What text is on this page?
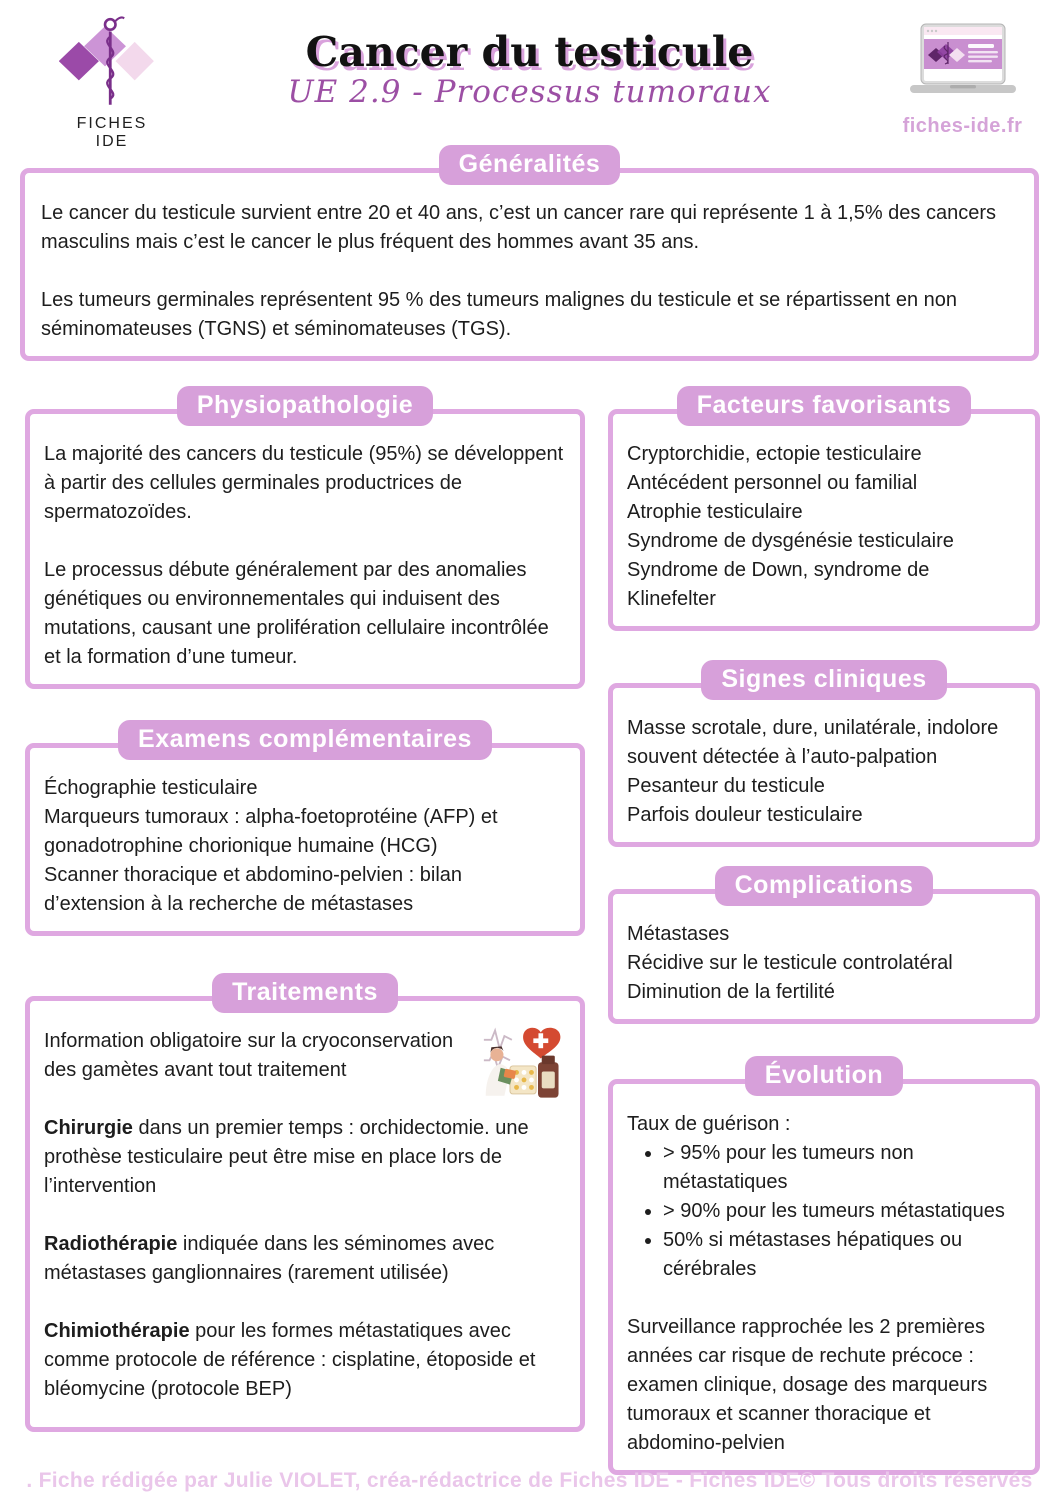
FICHES
IDE
Cancer du testicule
UE 2.9 - Processus tumoraux
fiches-ide.fr
Généralités

Le cancer du testicule survient entre 20 et 40 ans, c’est un cancer rare qui représente 1 à 1,5% des cancers masculins mais c’est le cancer le plus fréquent des hommes avant 35 ans.

Les tumeurs germinales représentent 95 % des tumeurs malignes du testicule et se répartissent en non séminomateuses (TGNS) et séminomateuses (TGS).

Physiopathologie

La majorité des cancers du testicule (95%) se développent à partir des cellules germinales productrices de spermatozoïdes.

Le processus débute généralement par des anomalies génétiques ou environnementales qui induisent des mutations, causant une prolifération cellulaire incontrôlée et la formation d’une tumeur.

Facteurs favorisants
Cryptorchidie, ectopie testiculaire
Antécédent personnel ou familial
Atrophie testiculaire
Syndrome de dysgénésie testiculaire
Syndrome de Down, syndrome de Klinefelter
Signes cliniques
Masse scrotale, dure, unilatérale, indolore souvent détectée à l’auto-palpation
Pesanteur du testicule
Parfois douleur testiculaire
Examens complémentaires
Échographie testiculaire
Marqueurs tumoraux : alpha-foetoprotéine (AFP) et gonadotrophine chorionique humaine (HCG)
Scanner thoracique et abdomino-pelvien : bilan d’extension à la recherche de métastases
Complications
Métastases
Récidive sur le testicule controlatéral
Diminution de la fertilité
Traitements

Information obligatoire sur la cryoconservation des gamètes avant tout traitement

Chirurgie dans un premier temps : orchidectomie. une prothèse testiculaire peut être mise en place lors de l’intervention

Radiothérapie indiquée dans les séminomes avec métastases ganglionnaires (rarement utilisée)

Chimiothérapie pour les formes métastatiques avec comme protocole de référence : cisplatine, étoposide et bléomycine (protocole BEP)

Évolution
Taux de guérison :
• > 95% pour les tumeurs non métastatiques
• > 90% pour les tumeurs métastatiques
• 50% si métastases hépatiques ou cérébrales

Surveillance rapprochée les 2 premières années car risque de rechute précoce : examen clinique, dosage des marqueurs tumoraux et scanner thoracique et abdomino-pelvien

. Fiche rédigée par Julie VIOLET, créa-rédactrice de Fiches IDE - Fiches IDE© Tous droits réservés
